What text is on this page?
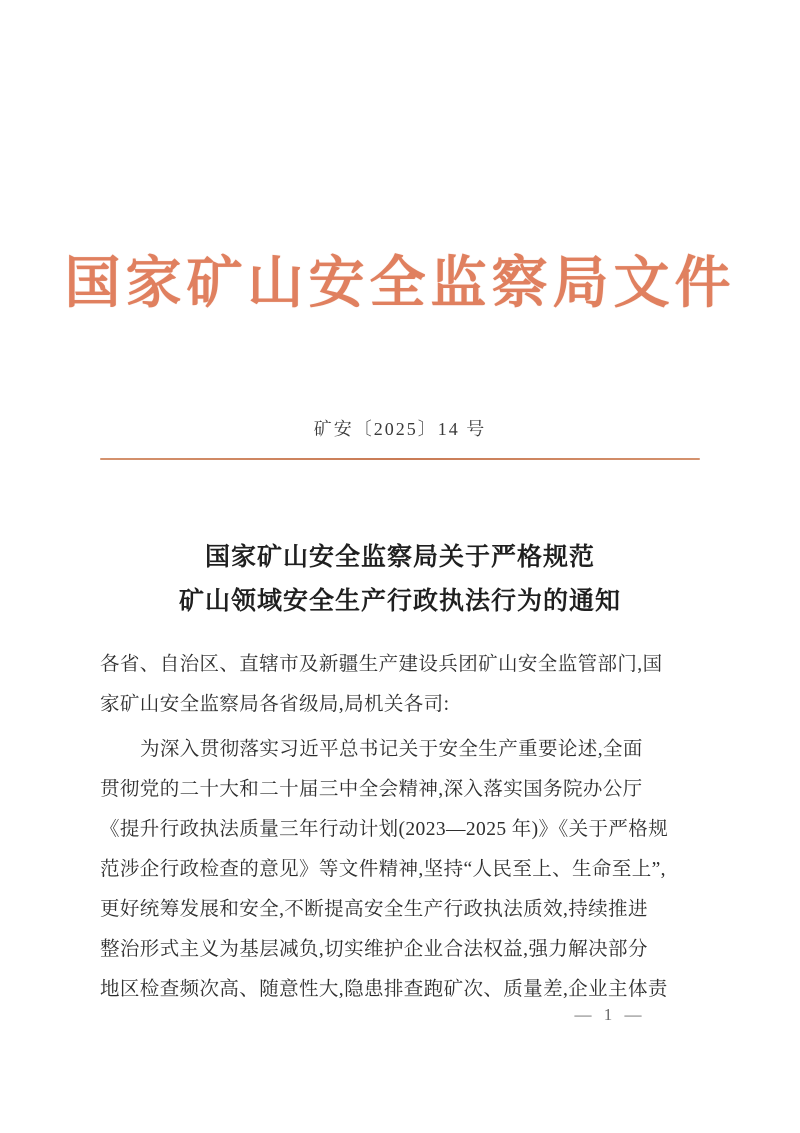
国家矿山安全监察局文件
矿安〔2025〕14 号
国家矿山安全监察局关于严格规范
矿山领域安全生产行政执法行为的通知
各省、自治区、直辖市及新疆生产建设兵团矿山安全监管部门,国
家矿山安全监察局各省级局,局机关各司:
为深入贯彻落实习近平总书记关于安全生产重要论述,全面
贯彻党的二十大和二十届三中全会精神,深入落实国务院办公厅
《提升行政执法质量三年行动计划(2023—2025 年)》《关于严格规
范涉企行政检查的意见》等文件精神,坚持“人民至上、生命至上”,
更好统筹发展和安全,不断提高安全生产行政执法质效,持续推进
整治形式主义为基层减负,切实维护企业合法权益,强力解决部分
地区检查频次高、随意性大,隐患排查跑矿次、质量差,企业主体责
— 1 —
